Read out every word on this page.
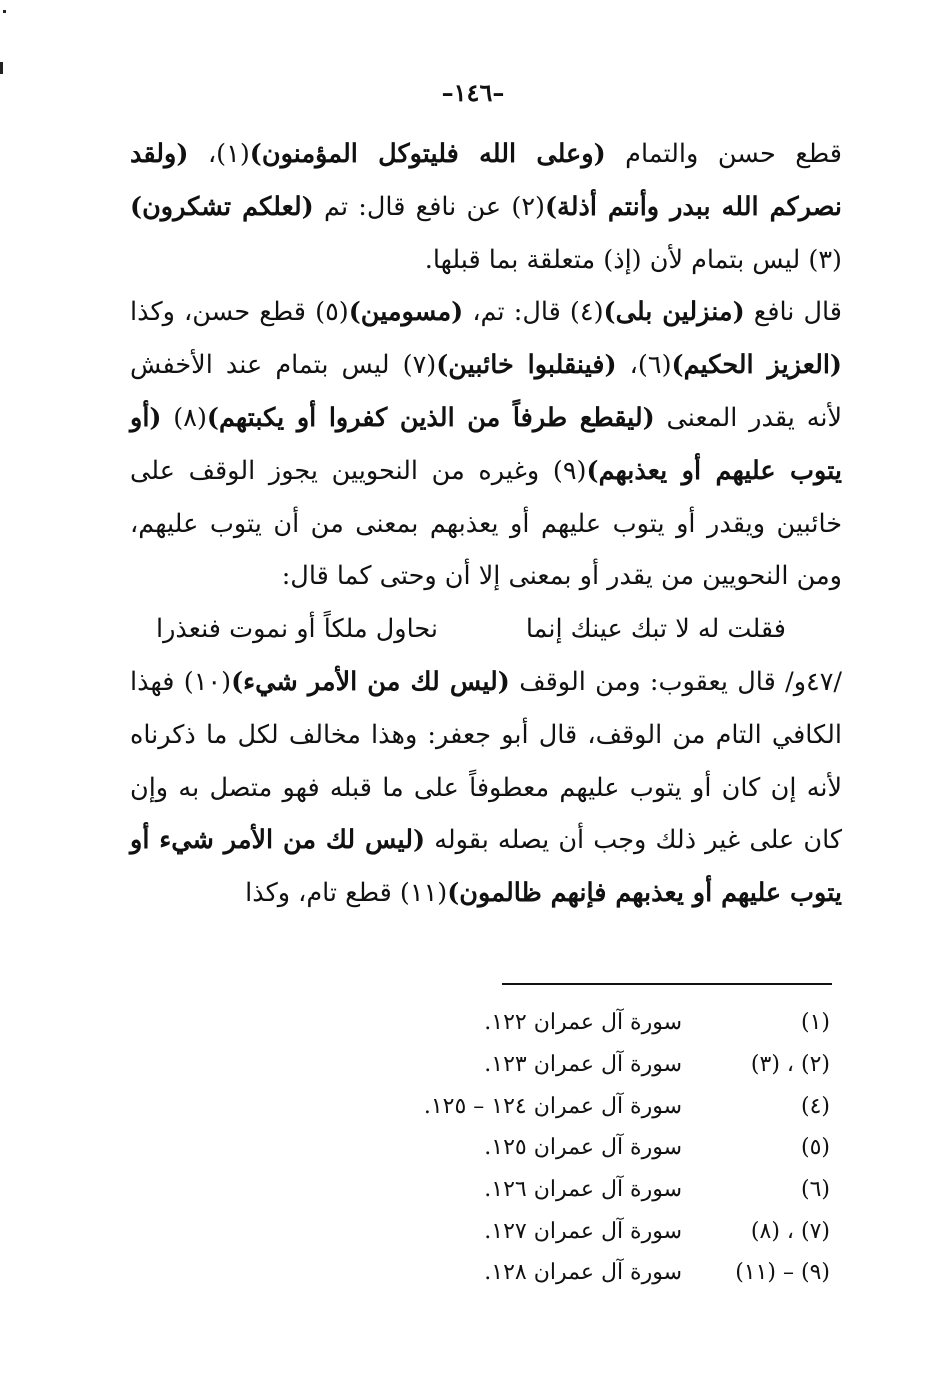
–١٤٦–

قطع حسن والتمام (وعلى الله فليتوكل المؤمنون)(١)، (ولقد نصركم الله ببدر وأنتم أذلة)(٢) عن نافع قال: تم (لعلكم تشكرون)(٣) ليس بتمام لأن (إذ) متعلقة بما قبلها.

قال نافع (منزلين بلى)(٤) قال: تم، (مسومين)(٥) قطع حسن، وكذا (العزيز الحكيم)(٦)، (فينقلبوا خائبين)(٧) ليس بتمام عند الأخفش لأنه يقدر المعنى (ليقطع طرفاً من الذين كفروا أو يكبتهم)(٨) (أو يتوب عليهم أو يعذبهم)(٩) وغيره من النحويين يجوز الوقف على خائبين ويقدر أو يتوب عليهم أو يعذبهم بمعنى من أن يتوب عليهم، ومن النحويين من يقدر أو بمعنى إلا أن وحتى كما قال:

فقلت له لا تبك عينك إنما
نحاول ملكاً أو نموت فنعذرا

/٤٧و/ قال يعقوب: ومن الوقف (ليس لك من الأمر شيء)(١٠) فهذا الكافي التام من الوقف، قال أبو جعفر: وهذا مخالف لكل ما ذكرناه لأنه إن كان أو يتوب عليهم معطوفاً على ما قبله فهو متصل به وإن كان على غير ذلك وجب أن يصله بقوله (ليس لك من الأمر شيء أو يتوب عليهم أو يعذبهم فإنهم ظالمون)(١١) قطع تام، وكذا

(١)
سورة آل عمران ١٢٢.
(٢) ، (٣)
سورة آل عمران ١٢٣.
(٤)
سورة آل عمران ١٢٤ – ١٢٥.
(٥)
سورة آل عمران ١٢٥.
(٦)
سورة آل عمران ١٢٦.
(٧) ، (٨)
سورة آل عمران ١٢٧.
(٩) – (١١)
سورة آل عمران ١٢٨.
